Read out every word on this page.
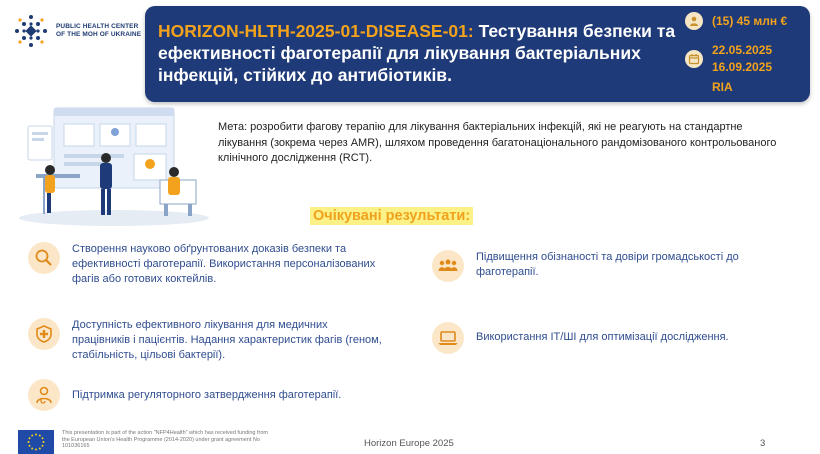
PUBLIC HEALTH CENTER
OF THE MOH OF UKRAINE HORIZON-HLTH-2025-01-DISEASE-01: Тестування безпеки та ефективності фаготерапії для лікування бактеріальних інфекцій, стійких до антибіотиків.
(15) 45 млн €
22.05.2025
16.09.2025
RIA
Мета: розробити фагову терапію для лікування бактеріальних інфекцій, які не реагують на стандартне лікування (зокрема через AMR), шляхом проведення багатонаціонального рандомізованого контрольованого клінічного дослідження (RCT).
Очікувані результати:
Створення науково обґрунтованих доказів безпеки та ефективності фаготерапії. Використання персоналізованих фагів або готових коктейлів.
Доступність ефективного лікування для медичних працівників і пацієнтів. Надання характеристик фагів (геном, стабільність, цільові бактерії).
Підтримка регуляторного затвердження фаготерапії.
Підвищення обізнаності та довіри громадськості до фаготерапії.
Використання ІТ/ШІ для оптимізації дослідження.
This presentation is part of the action "NFP4Health" which has received funding from the European Union's Health Programme (2014-2020) under grant agreement No 101036165	Horizon Europe 2025	3
